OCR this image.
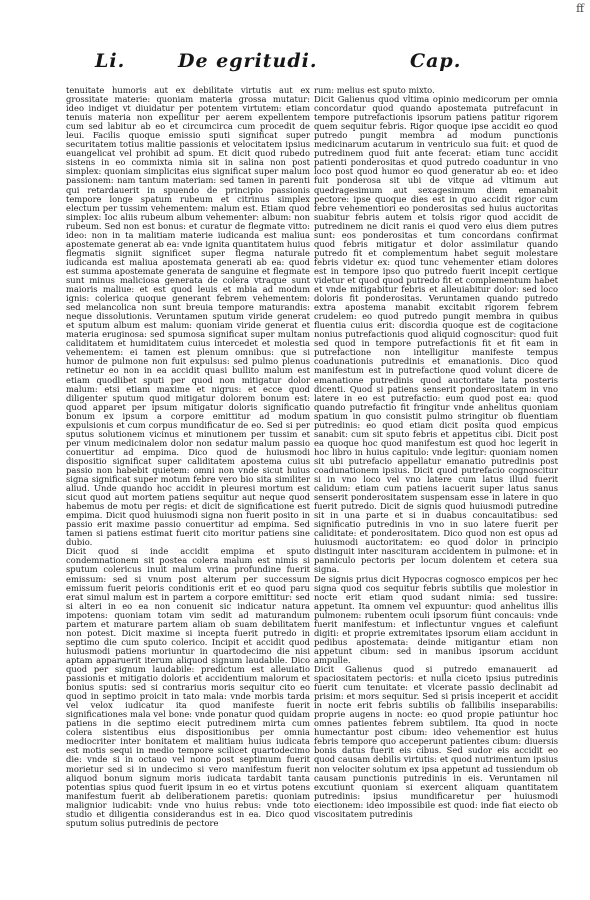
ff
Li.	De egritudi.	Cap.

tenuitate humoris aut ex debilitate virtutis aut ex grossitate materie: quoniam materia grossa mutatur: ideo indiget vt diuidatur per potentem virtutem: etiam tenuis materia non expellitur per aerem expellentem cum sed labitur ab eo et circumcirca cum procedit de leui. Facilis quoque emissio sputi significat super securitatem totius malitie passionis et velocitatem ipsius euangelicat vel prohibit ad spum. Et dicit quod rubedo sistens in eo commixta nimia sit in salina non post simplex: quoniam simplicitas eius significat super malum passionem: nam tantum materiam: sed tamen in parenti qui retardauerit in spuendo de principio passionis tempore longe spatum rubeum et citrinus simplex electum per tussim vehementem: malum est. Etiam quod simplex: Ioc aliis rubeum album vehementer: album: non rubeum. Sed non est bonus: et curatur de flegmate vitto: ideo: non in ta malitiam materie iudicanda est maliua apostemate generat ab ea: vnde ignita quantitatem huius flegmatis signiit significet super flegma naturale iudicanda est maliua apostemata generati ab ea: quod est summa apostemate generata de sanguine et flegmate sunt minus maliciosa generata de colera vtraque sunt maioris maliue: et est quod leuis et mbia ad modum ignis: colerica quoque generant febrem vehementem: sed melancolica non sunt breuia tempore maturandis: neque dissolutionis. Veruntamen sputum viride generat et sputum album est malum: quoniam viride generat et materia eruginosa: sed spumosa significat super multam caliditatem et humiditatem cuius intercedet et molestia vehementem: ei tamen est plenum omnibus: que si humor de pulmone non fuit expulsus: sed pulmo plenus retinetur eo non in ea accidit quasi bullito malum est etiam quodlibet sputi per quod non mitigatur dolor malum: etsi etiam maxime et nigrus: et ecce quod diligenter sputum quod mitigatur dolorem bonum est: quod apparet per ipsum mitigatur doloris significatio bonum ex ipsum a corpore emittitur ad modum expulsionis et cum corpus mundificatur de eo. Sed si per sputus solutionem vicinus et minutionem per tussim et per vinum medicinalem dolor non sedatur malum passio conuertitur ad empima. Dico quod de huiusmodi dispositio significat super caliditatem apostema cuius passio non habebit quietem: omni non vnde sicut huius signa significat super motum febre vero bio sita similiter aliud. Unde quando hoc accidit in pleuresi mortum est sicut quod aut mortem patiens sequitur aut neque quod habemus de motu per regis: et dicit de significatione est empima. Dicit quod huiusmodi signa non fuerit posito in passio erit maxime passio conuertitur ad empima. Sed tamen si patiens estimat fuerit cito moritur patiens sine dubio.

Dicit quod si inde accidit empima et sputo condemnationem sit postea colera malum est nimis si sputum colericus inuit malum vrina profundine fuerit emissum: sed si vnum post alterum per successum emissum fuerit peioris conditionis erit et eo quod paru erat simul malum est in partem a corpore emittitur: sed si alteri in eo ea non conuenit sic indicatur natura impotens: quoniam totam vim sedit ad maturandum partem et maturare partem aliam ob suam debilitatem non potest. Dicit maxime si incepta fuerit putredo in septimo die cum sputo colerico. Incipit et accidit quod huiusmodi patiens moriuntur in quartodecimo die nisi aptam apparuerit iterum aliquod signum laudabile. Dico quod per signum laudabile: predictum est alleuiatio passionis et mitigatio doloris et accidentium malorum et bonius sputis: sed si contrarius moris sequitur cito eo quod in septimo proicit in tato mala: vnde morbis tarda vel velox iudicatur ita quod manifeste fuerit significationes mala vel bone: vnde ponatur quod quidam patiens in die septimo eiecit putredinem mirta cum colera sistentibus eius dispositionibus per omnia mediocriter inter bonitatem et malitiam huius iudicata est motis sequi in medio tempore scilicet quartodecimo die: vnde si in octauo vel nono post septimum fuerit morietur sed si in undecimo si vero manifestum fuerit aliquod bonum signum moris iudicata tardabit tanta potentias spius quod fuerit ipsum in eo et virtus potens manifestum fuerit ab deliberationem paretis: quoniam malignior iudicabit: vnde vno huius rebus: vnde toto studio et diligentia considerandus est in ea. Dico quod sputum solius putredinis de pectore

rum: melius est sputo mixto.

Dicit Galienus quod vltima opinio medicorum per omnia concordatur quod quando apostemata putrefacunt in tempore putrefactionis ipsorum patiens patitur rigorem quem sequitur febris. Rigor quoque ipse accidit eo quod putredo pungit membra ad modum punctionis medicinarum acutarum in ventriculo sua fuit: et quod de putredinem quod fuit ante fecerat: etiam tunc accidit patienti ponderositas et quod putredo coaduntur in vno loco post quod humor eo quod generatur ab eo: et ideo fuit ponderosa sit ubi de vitque ad vltimum aut quedragesimum aut sexagesimum diem emanabit pectore: ipse quoque dies est in quo accidit rigor cum febre vehementiori eo ponderositas sed huius auctoritas suabitur febris autem et tolsis rigor quod accidit de putredinem ne dicit ranis ei quod vero eius diem putres sunt: eos ponderositas et tum concordans confirmat quod febris mitigatur et dolor assimilatur quando putredo fit et complementum habet seguit molestare febris videtur ex: quod tunc vehementer etiam dolores est in tempore ipso quo putredo fuerit incepit certique videtur et quod quod putredo fit et complementum habet et vnde mitigabitur febris et alleuiabitur dolor: sed loco doloris fit ponderositas. Veruntamen quando putredo extra apostema manabit excitabit rigorem febrem crudelem: eo quod putredo pungit membra in quibus fluentia cuius erit: discordia quoque est de cogitacione nonius putrefactionis quod aliquid cognoscitur: quod fuit sed quod in tempore putrefactionis fit et fit eam in putrefactione non intelligitur manifeste tempus coadunationis putredinis et emanationis. Dico quod manifestum est in putrefactione quod volunt dicere de emanatione putredinis quod auctoritate lata posteris dicenti. Quod si patiens senserit ponderositatem in vno latere in eo est putrefactio: eum quod post ea: quod quando putrefactio fit fringitur vnde anhelitus quoniam spatium in quo consistit pulmo stringitur ob fluentiam putredinis: eo quod etiam dicit posita quod empicus sanabit: cum sit sputo febris et appetitus cibi. Dicit post ea quoque hoc quod manifestum est quod hoc legerit in hoc libro in huius capitulo: vnde legitur: quoniam nomen sit ubi putrefacio appellatur emanatio putredinis post coadunationem ipsius. Dicit quod putrefacio cognoscitur si in vno loco vel vno latere cum latus illud fuerit calidum: etiam cum patiens iacuerit super latus sanus senserit ponderositatem suspensam esse in latere in quo fuerit putredo. Dicit de signis quod huiusmodi putredine sit in una parte et si in duabus concauitatibus: sed significatio putredinis in vno in suo latere fuerit per caliditate: et ponderositatem. Dico quod non est opus ad huiusmodi auctoritatem: eo quod dolor in principio distinguit inter nascituram accidentem in pulmone: et in panniculo pectoris per locum dolentem et cetera sua signa.

De signis prius dicit Hypocras cognosco empicos per hec signa quod cos sequitur febris subtilis que molestior in nocte erit etiam quod sudant nimia: sed tussire: appetunt. Ita omnem vel expuuntur: quod anhelitus illis pulmonem: rubentem oculi ipsorum fiunt concauis: vnde fuerit manifestum: et inflectuntur vngues et calefiunt digiti: et proprie extremitates ipsorum eiiam accidunt in pedibus apostemata: deinde mitigantur etiam non appetunt cibum: sed in manibus ipsorum accidunt ampulle.

Dicit Galienus quod si putredo emanauerit ad spaciositatem pectoris: et nulla ciceto ipsius putredinis fuerit cum tenuitate: et vlcerate passio declinabit ad prisim: et mors sequitur. Sed si prisis inceperit et accidit in nocte erit febris subtilis ob fallibilis inseparabilis: proprie augens in nocte: eo quod propie patiuntur hoc omnes patientes febrem subtilem. Ita quod in nocte humectantur post cibum: ideo vehementior est huius febris tempore quo acceperunt patientes cibum: diuersis bonis datus fuerit eis cibus. Sed sudor eis accidit eo quod causam debilis virtutis: et quod nutrimentum ipsius non velociter solutum ex ipsa appetunt ad tussiendum ob causam punctionis putredinis in eis. Veruntamen nil excutiunt quoniam si exercent aliquam quantitatem putredinis: ipsius mundificaretur per huiusmodi eiectionem: ideo impossibile est quod: inde fiat eiecto ob viscositatem putredinis
